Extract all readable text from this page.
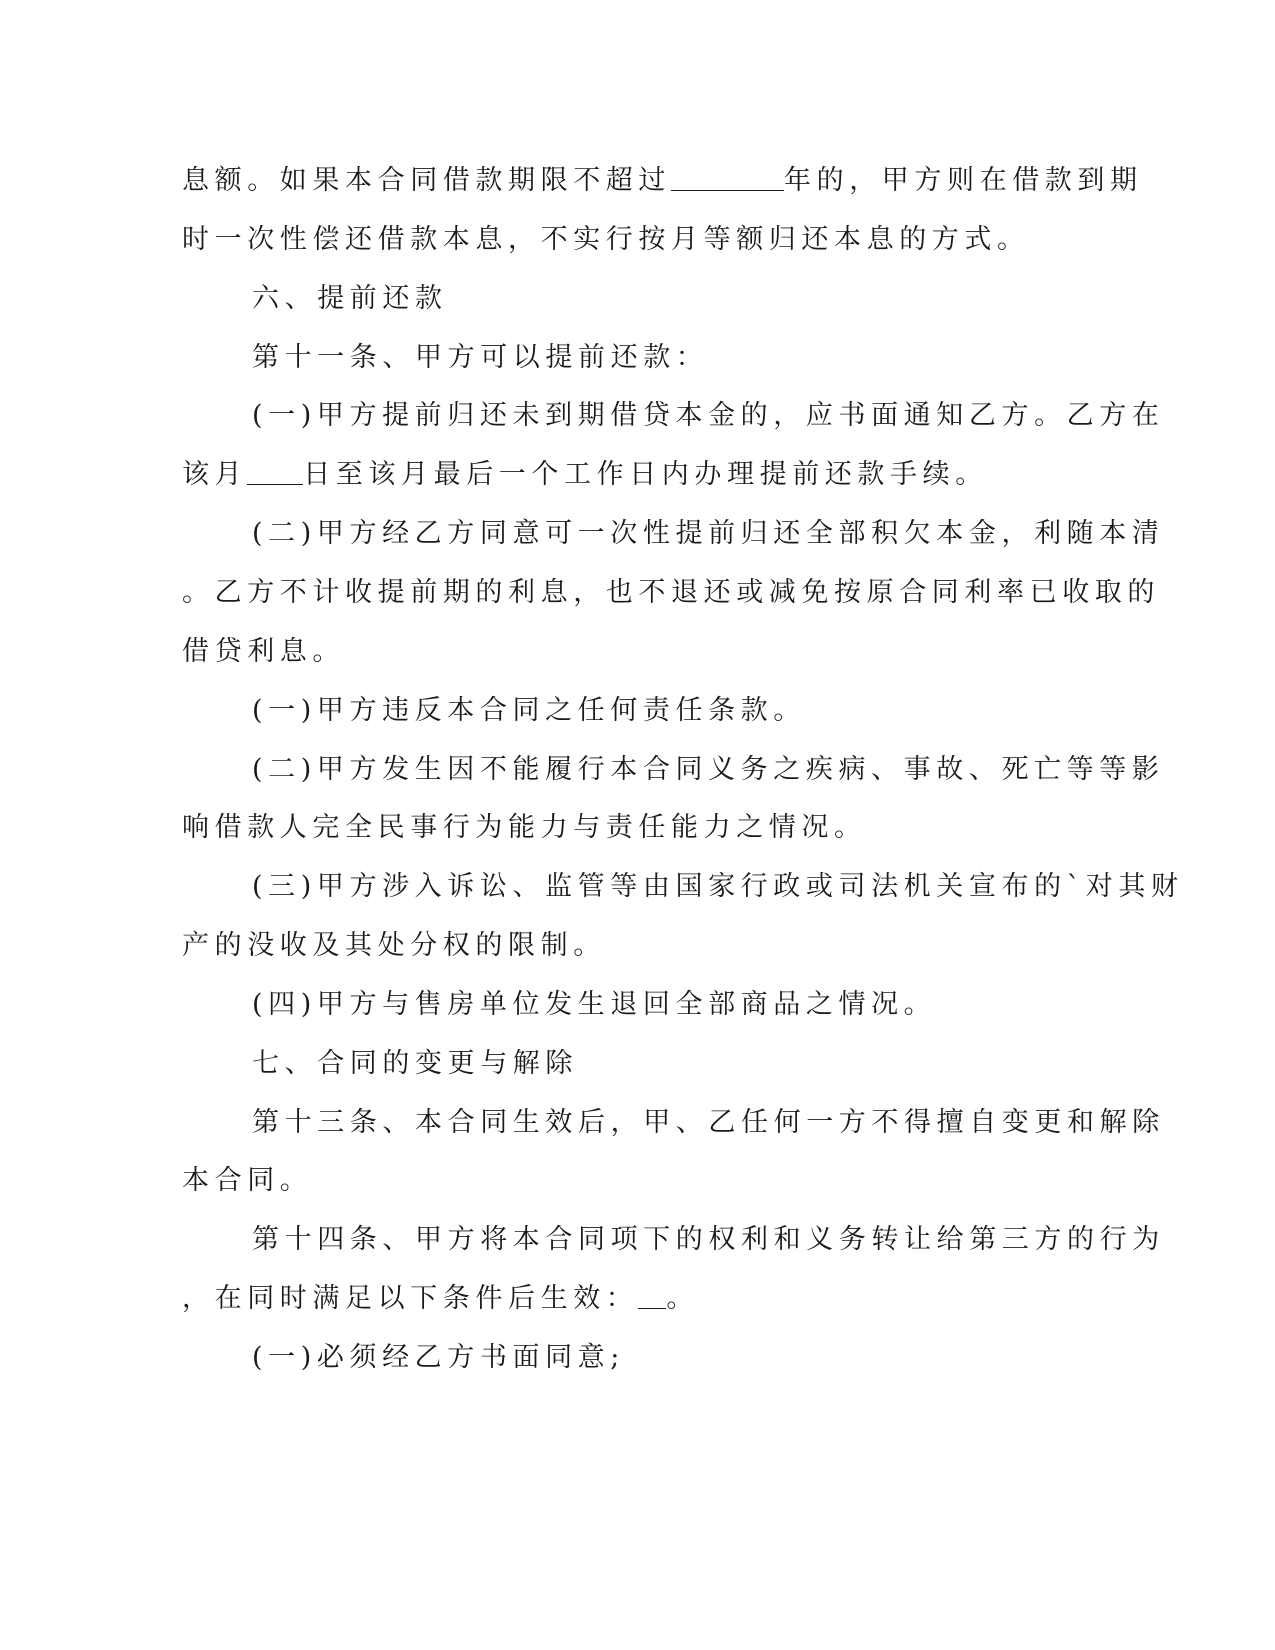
息额。如果本合同借款期限不超过	年的，甲方则在借款到期
时一次性偿还借款本息，不实行按月等额归还本息的方式。
六、提前还款
第十一条、甲方可以提前还款：
(一)甲方提前归还未到期借贷本金的，应书面通知乙方。乙方在
该月 日至该月最后一个工作日内办理提前还款手续。
(二)甲方经乙方同意可一次性提前归还全部积欠本金，利随本清
。乙方不计收提前期的利息，也不退还或减免按原合同利率已收取的
借贷利息。
(一)甲方违反本合同之任何责任条款。
(二)甲方发生因不能履行本合同义务之疾病、事故、死亡等等影
响借款人完全民事行为能力与责任能力之情况。
(三)甲方涉入诉讼、监管等由国家行政或司法机关宣布的`对其财
产的没收及其处分权的限制。
(四)甲方与售房单位发生退回全部商品之情况。
七、合同的变更与解除
第十三条、本合同生效后，甲、乙任何一方不得擅自变更和解除
本合同。
第十四条、甲方将本合同项下的权利和义务转让给第三方的行为
，在同时满足以下条件后生效： 。
(一)必须经乙方书面同意;
